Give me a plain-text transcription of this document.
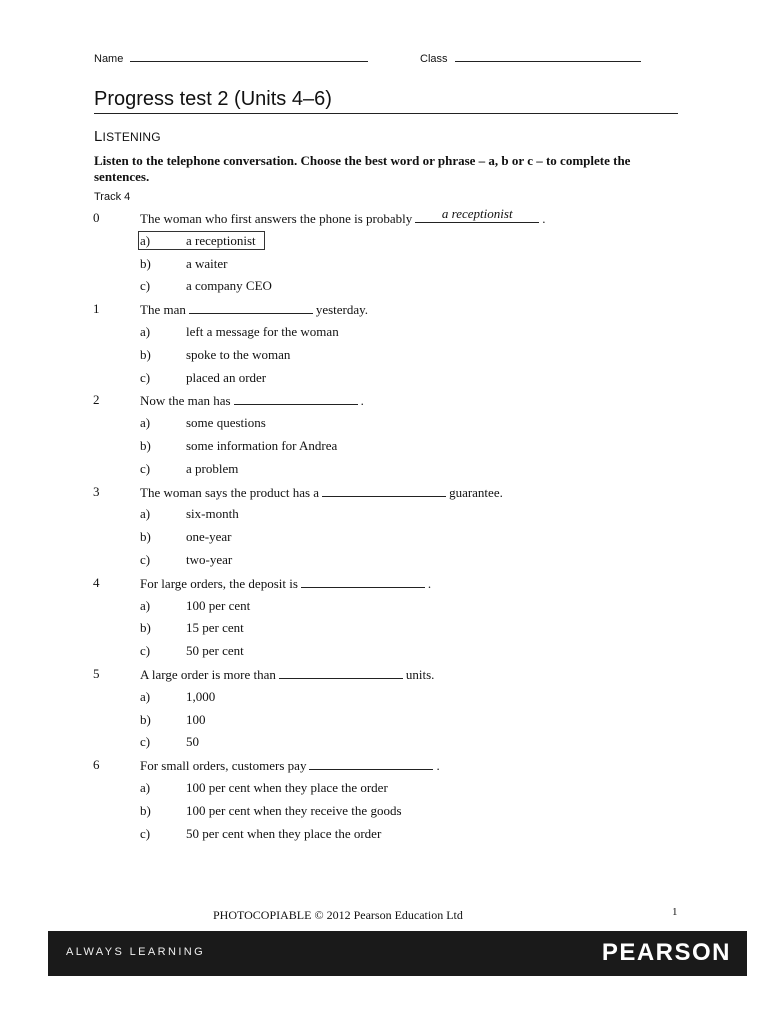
Name	Class
Progress test 2 (Units 4–6)
LISTENING
Listen to the telephone conversation. Choose the best word or phrase – a, b or c – to complete the sentences.
Track 4
0	The woman who first answers the phone is probably	a receptionist	.
a)	a receptionist
b)	a waiter
c)	a company CEO
1	The man	yesterday.
a)	left a message for the woman
b)	spoke to the woman
c)	placed an order
2	Now the man has	.
a)	some questions
b)	some information for Andrea
c)	a problem
3	The woman says the product has a	guarantee.
a)	six-month
b)	one-year
c)	two-year
4	For large orders, the deposit is	.
a)	100 per cent
b)	15 per cent
c)	50 per cent
5	A large order is more than	units.
a)	1,000
b)	100
c)	50
6	For small orders, customers pay	.
a)	100 per cent when they place the order
b)	100 per cent when they receive the goods
c)	50 per cent when they place the order
PHOTOCOPIABLE © 2012 Pearson Education Ltd	1
ALWAYS LEARNING	PEARSON
